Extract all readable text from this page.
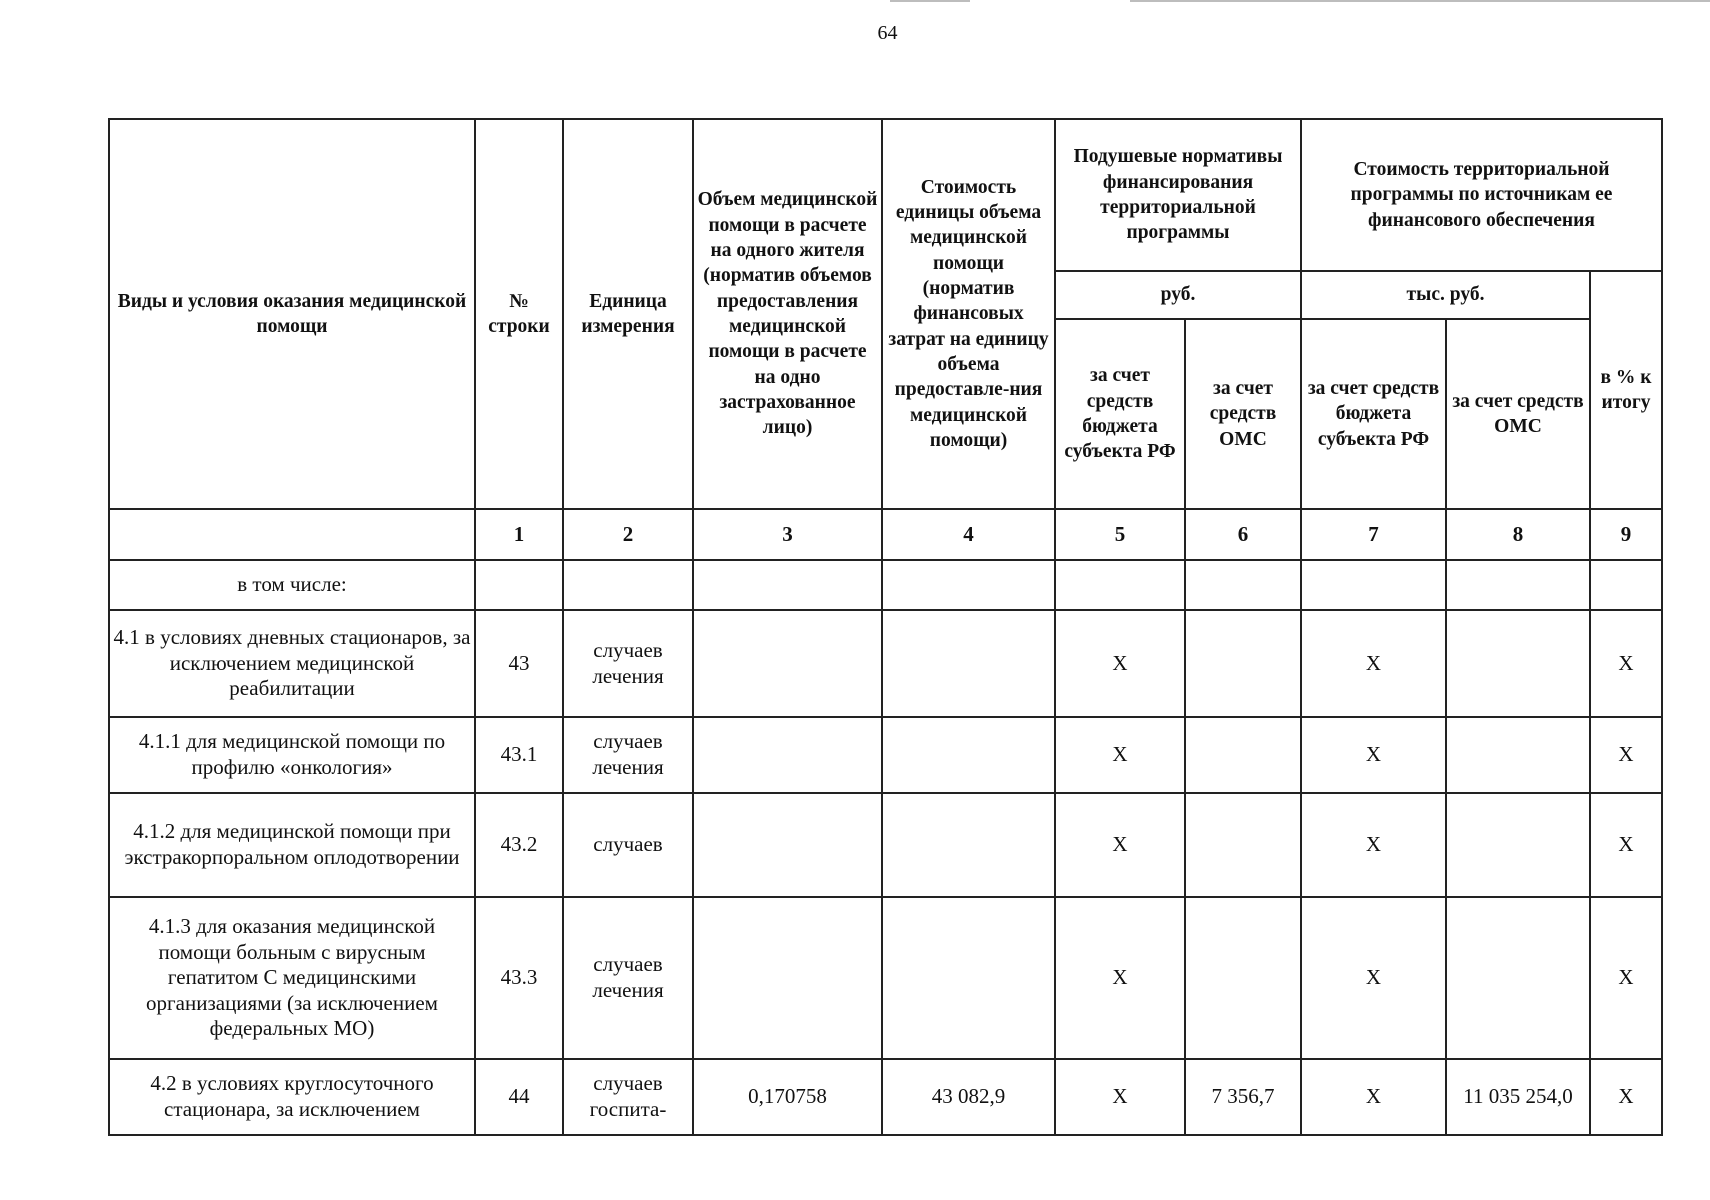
64
Виды и условия оказания медицинской помощи	№ строки	Единица измерения	Объем медицинской помощи в расчете на одного жителя (норматив объемов предоставления медицинской помощи в расчете на одно застрахованное лицо)	Стоимость единицы объема медицинской помощи (норматив финансовых затрат на единицу объема предоставле-ния медицинской помощи)	Подушевые нормативы финансирования территориальной программы		Стоимость территориальной программы по источникам ее финансового обеспечения		
					руб.		тыс. руб.		в % к итогу
					за счет средств бюджета субъекта РФ	за счет средств ОМС	за счет средств бюджета субъекта РФ	за счет средств ОМС	
	1	2	3	4	5	6	7	8	9
в том числе:									
4.1 в условиях дневных стационаров, за исключением медицинской реабилитации	43	случаев лечения			Х		Х		Х
4.1.1 для медицинской помощи по профилю «онкология»	43.1	случаев лечения			Х		Х		Х
4.1.2 для медицинской помощи при экстракорпоральном оплодотворении	43.2	случаев			Х		Х		Х
4.1.3 для оказания медицинской помощи больным с вирусным гепатитом С медицинскими организациями (за исключением федеральных МО)	43.3	случаев лечения			Х		Х		Х
4.2 в условиях круглосуточного стационара, за исключением	44	случаев госпита-	0,170758	43 082,9	Х	7 356,7	Х	11 035 254,0	Х
